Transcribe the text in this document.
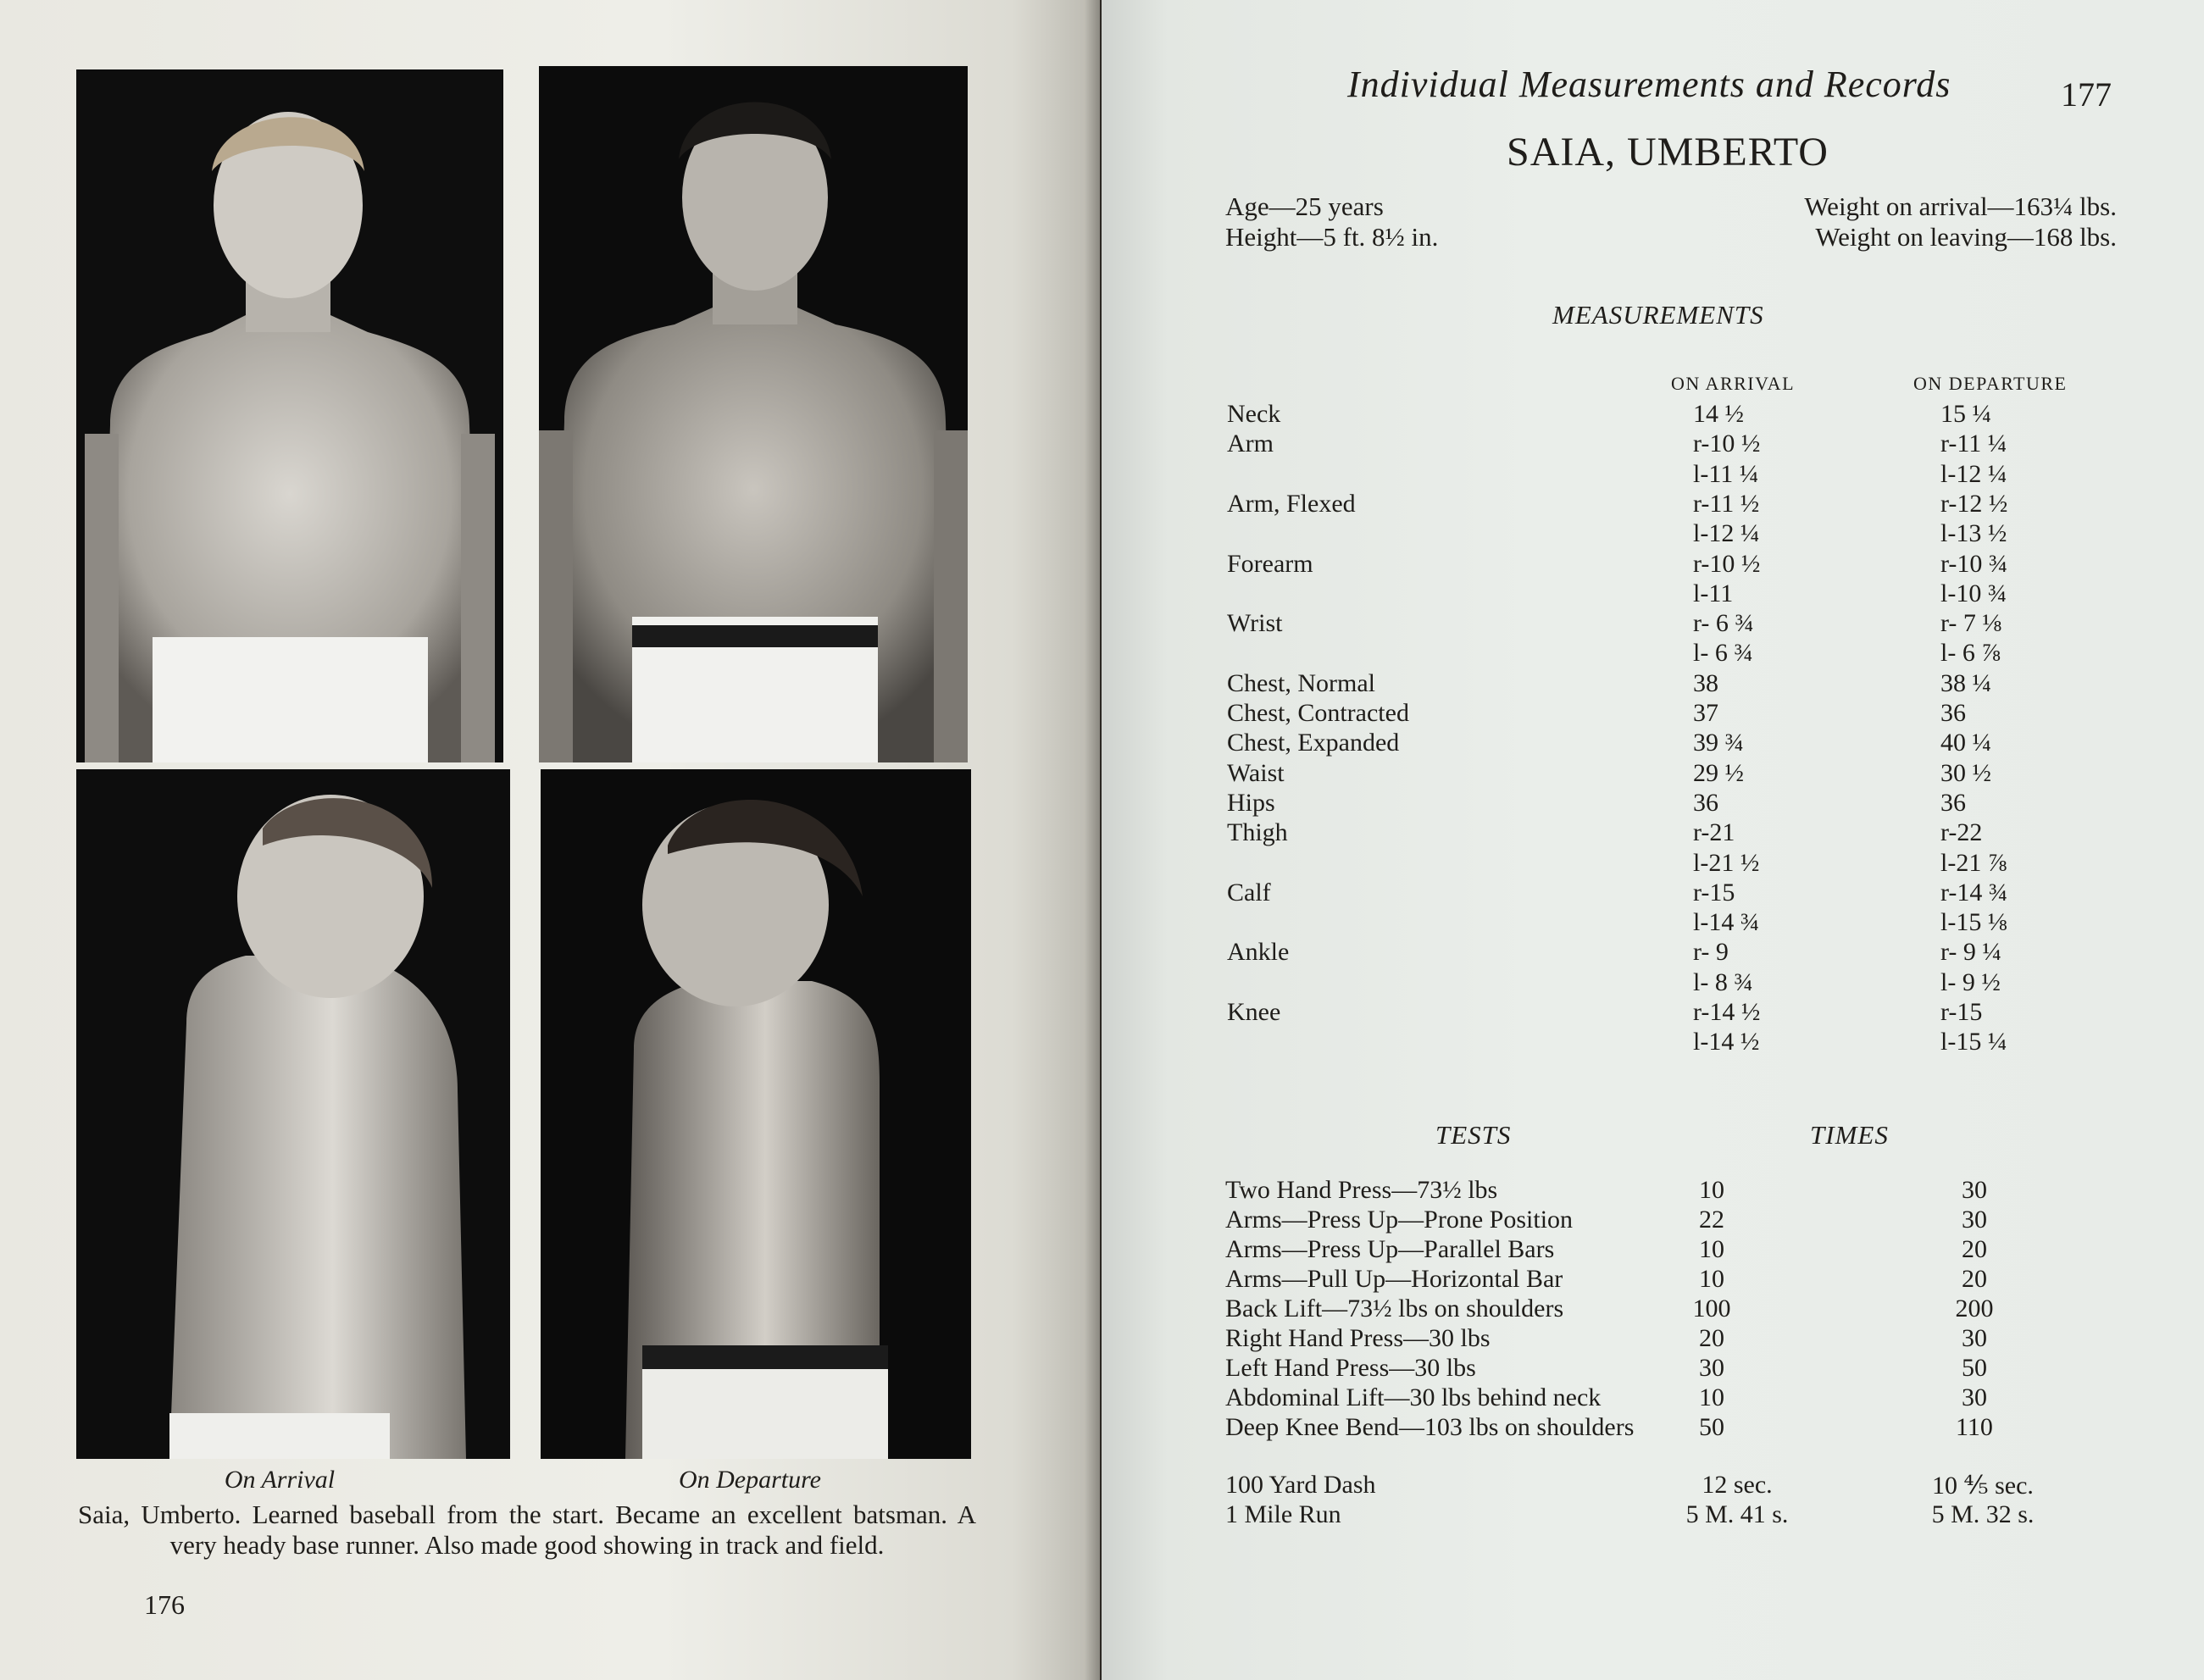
On Arrival	On Departure
Saia, Umberto. Learned baseball from the start. Became an excellent batsman. A very heady base runner. Also made good showing in track and field.
176
Individual Measurements and Records	177
SAIA, UMBERTO
Age—25 years
Height—5 ft. 8½ in.
Weight on arrival—163¼ lbs.
Weight on leaving—168 lbs.
MEASUREMENTS
ON ARRIVAL	ON DEPARTURE
Neck	14 ½	15 ¼
Arm	r-10 ½	r-11 ¼
l-11 ¼	l-12 ¼
Arm, Flexed	r-11 ½	r-12 ½
l-12 ¼	l-13 ½
Forearm	r-10 ½	r-10 ¾
l-11	l-10 ¾
Wrist	r- 6 ¾	r- 7 ⅛
l- 6 ¾	l- 6 ⅞
Chest, Normal	38	38 ¼
Chest, Contracted	37	36
Chest, Expanded	39 ¾	40 ¼
Waist	29 ½	30 ½
Hips	36	36
Thigh	r-21	r-22
l-21 ½	l-21 ⅞
Calf	r-15	r-14 ¾
l-14 ¾	l-15 ⅛
Ankle	r- 9	r- 9 ¼
l- 8 ¾	l- 9 ½
Knee	r-14 ½	r-15
l-14 ½	l-15 ¼
TESTS	TIMES
Two Hand Press—73½ lbs	10	30
Arms—Press Up—Prone Position	22	30
Arms—Press Up—Parallel Bars	10	20
Arms—Pull Up—Horizontal Bar	10	20
Back Lift—73½ lbs on shoulders	100	200
Right Hand Press—30 lbs	20	30
Left Hand Press—30 lbs	30	50
Abdominal Lift—30 lbs behind neck	10	30
Deep Knee Bend—103 lbs on shoulders	50	110
100 Yard Dash	12 sec.	10 ⅘ sec.
1 Mile Run	5 M. 41 s.	5 M. 32 s.
